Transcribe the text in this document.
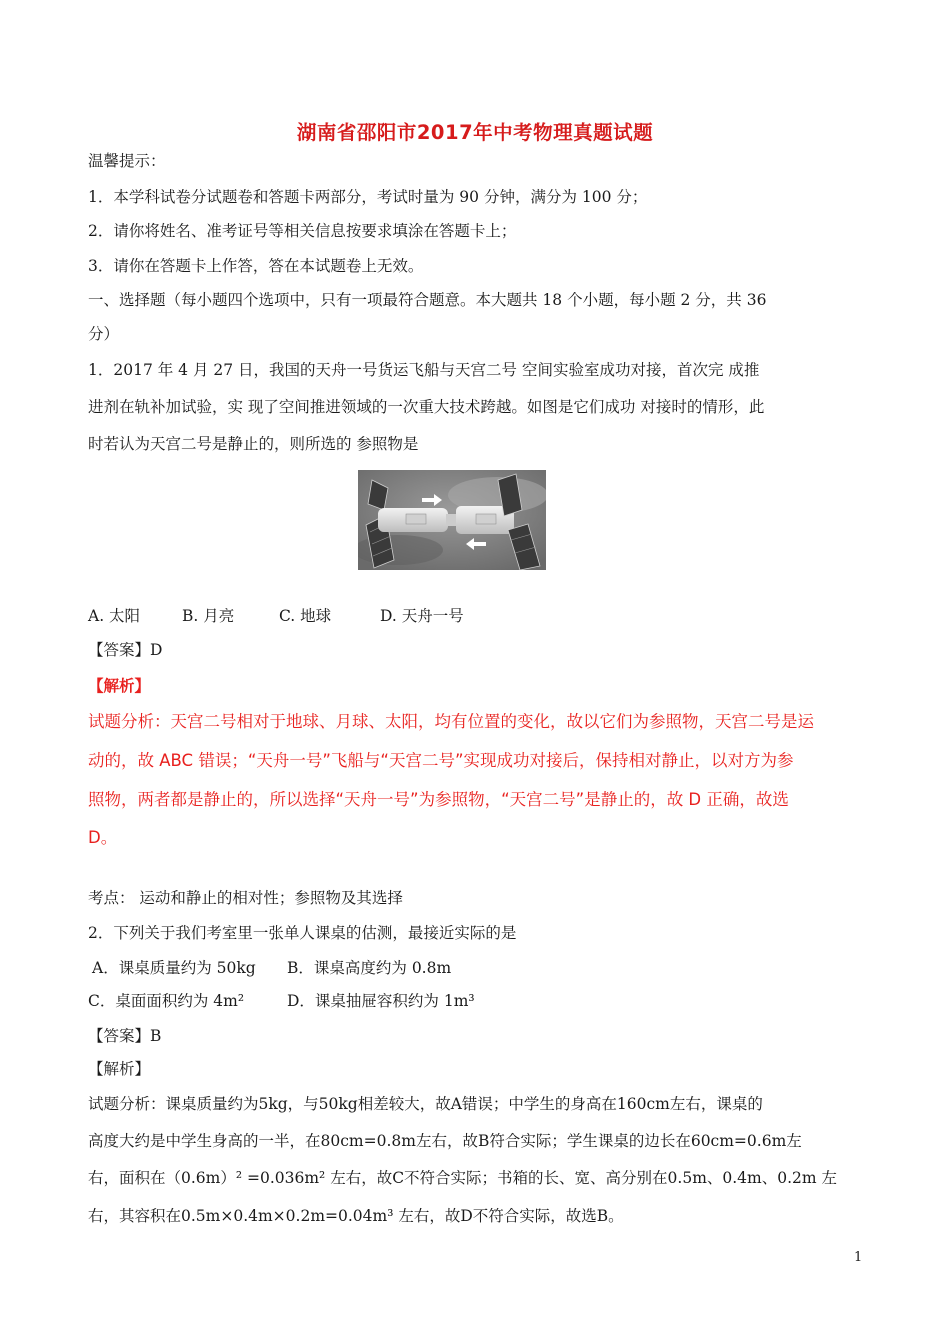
湖南省邵阳市2017年中考物理真题试题
温馨提示：
1．本学科试卷分试题卷和答题卡两部分，考试时量为 90 分钟，满分为 100 分；
2．请你将姓名、准考证号等相关信息按要求填涂在答题卡上；
3．请你在答题卡上作答，答在本试题卷上无效。
一、选择题（每小题四个选项中，只有一项最符合题意。本大题共 18 个小题，每小题 2 分，共 36
分）
1．2017 年 4 月 27 日，我国的天舟一号货运飞船与天宫二号 空间实验室成功对接，首次完 成推
进剂在轨补加试验，实 现了空间推进领域的一次重大技术跨越。如图是它们成功 对接时的情形，此
时若认为天宫二号是静止的，则所选的 参照物是
A. 太阳	B. 月亮	C. 地球	D. 天舟一号
【答案】D
【解析】
试题分析：天宫二号相对于地球、月球、太阳，均有位置的变化，故以它们为参照物，天宫二号是运
动的，故 ABC 错误；“天舟一号”飞船与“天宫二号”实现成功对接后，保持相对静止，以对方为参
照物，两者都是静止的，所以选择“天舟一号”为参照物，“天宫二号”是静止的，故 D 正确，故选
D。
考点： 运动和静止的相对性；参照物及其选择
2．下列关于我们考室里一张单人课桌的估测，最接近实际的是
A．课桌质量约为 50kg B．课桌高度约为 0.8m
C．桌面面积约为 4m²	D．课桌抽屉容积约为 1m³
【答案】B
【解析】
试题分析：课桌质量约为5kg，与50kg相差较大，故A错误；中学生的身高在160cm左右，课桌的
高度大约是中学生身高的一半，在80cm=0.8m左右，故B符合实际；学生课桌的边长在60cm=0.6m左
右，面积在（0.6m）² =0.036m² 左右，故C不符合实际；书箱的长、宽、高分别在0.5m、0.4m、0.2m 左
右，其容积在0.5m×0.4m×0.2m=0.04m³ 左右，故D不符合实际，故选B。
1
